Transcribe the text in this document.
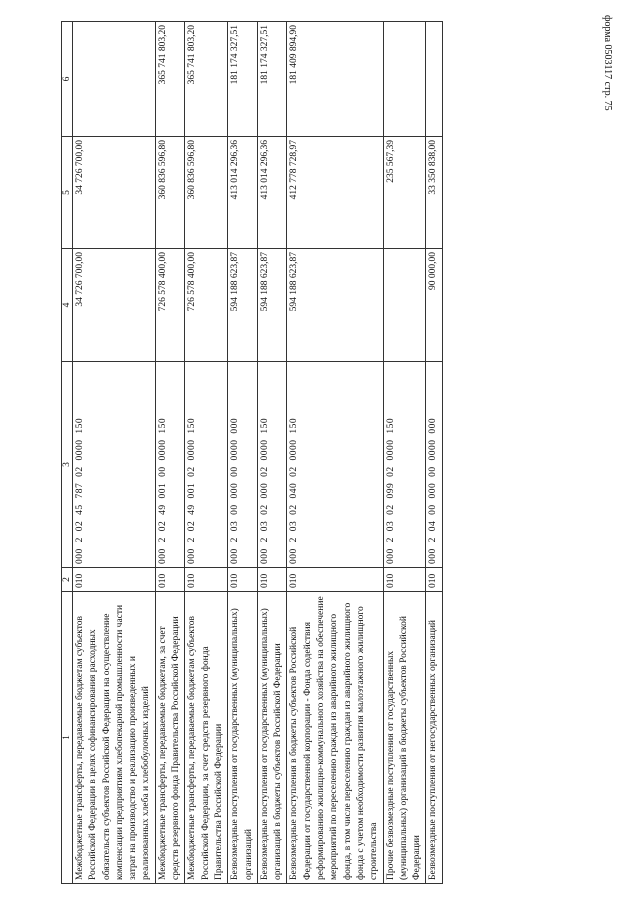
форма 0503117 стр. 75
1	2	3	4	5	6
Межбюджетные трансферты, передаваемые бюджетам субъектов Российской Федерации в целях софинансирования расходных обязательств субъектов Российской Федерации на осуществление компенсации предприятиям хлебопекарной промышленности части затрат на производство и реализацию произведенных и реализованных хлеба и хлебобулочных изделий	010	000 2 02 45 787 02 0000 150	34 726 700,00	34 726 700,00	
Межбюджетные трансферты, передаваемые бюджетам, за счет средств резервного фонда Правительства Российской Федерации	010	000 2 02 49 001 00 0000 150	726 578 400,00	360 836 596,80	365 741 803,20
Межбюджетные трансферты, передаваемые бюджетам субъектов Российской Федерации, за счет средств резервного фонда Правительства Российской Федерации	010	000 2 02 49 001 02 0000 150	726 578 400,00	360 836 596,80	365 741 803,20
Безвозмездные поступления от государственных (муниципальных) организаций	010	000 2 03 00 000 00 0000 000	594 188 623,87	413 014 296,36	181 174 327,51
Безвозмездные поступления от государственных (муниципальных) организаций в бюджеты субъектов Российской Федерации	010	000 2 03 02 000 02 0000 150	594 188 623,87	413 014 296,36	181 174 327,51
Безвозмездные поступления в бюджеты субъектов Российской Федерации от государственной корпорации - Фонда содействия реформированию жилищно-коммунального хозяйства на обеспечение мероприятий по переселению граждан из аварийного жилищного фонда, в том числе переселению граждан из аварийного жилищного фонда с учетом необходимости развития малоэтажного жилищного строительства	010	000 2 03 02 040 02 0000 150	594 188 623,87	412 778 728,97	181 409 894,90
Прочие безвозмездные поступления от государственных (муниципальных) организаций в бюджеты субъектов Российской Федерации	010	000 2 03 02 099 02 0000 150		235 567,39	
Безвозмездные поступления от негосударственных организаций	010	000 2 04 00 000 00 0000 000	90 000,00	33 350 838,00	
